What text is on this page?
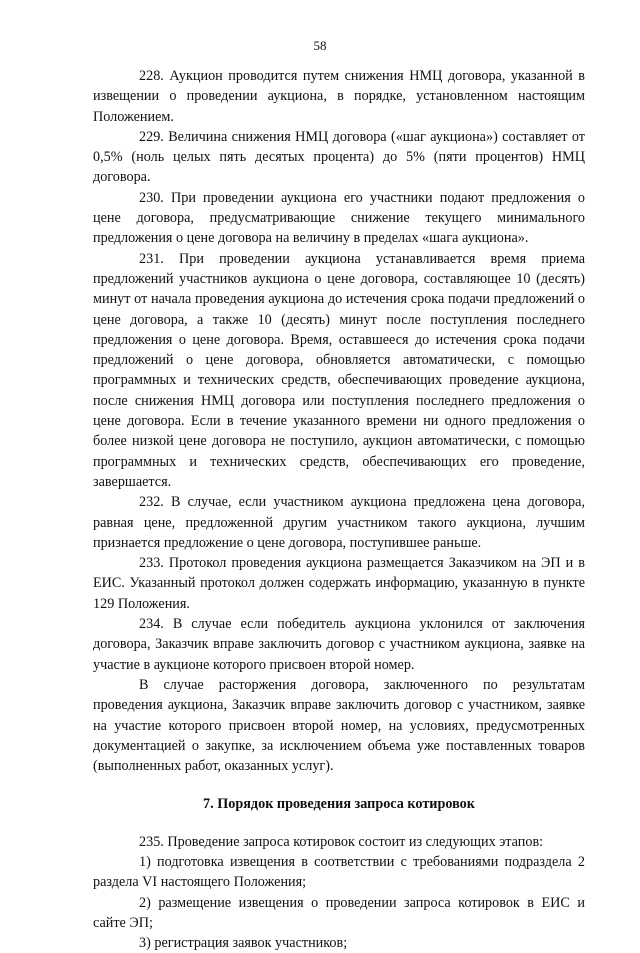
58

228. Аукцион проводится путем снижения НМЦ договора, указанной в извещении о проведении аукциона, в порядке, установленном настоящим Положением.

229. Величина снижения НМЦ договора («шаг аукциона») составляет от 0,5% (ноль целых пять десятых процента) до 5% (пяти процентов) НМЦ договора.

230. При проведении аукциона его участники подают предложения о цене договора, предусматривающие снижение текущего минимального предложения о цене договора на величину в пределах «шага аукциона».

231. При проведении аукциона устанавливается время приема предложений участников аукциона о цене договора, составляющее 10 (десять) минут от начала проведения аукциона до истечения срока подачи предложений о цене договора, а также 10 (десять) минут после поступления последнего предложения о цене договора. Время, оставшееся до истечения срока подачи предложений о цене договора, обновляется автоматически, с помощью программных и технических средств, обеспечивающих проведение аукциона, после снижения НМЦ договора или поступления последнего предложения о цене договора. Если в течение указанного времени ни одного предложения о более низкой цене договора не поступило, аукцион автоматически, с помощью программных и технических средств, обеспечивающих его проведение, завершается.

232. В случае, если участником аукциона предложена цена договора, равная цене, предложенной другим участником такого аукциона, лучшим признается предложение о цене договора, поступившее раньше.

233. Протокол проведения аукциона размещается Заказчиком на ЭП и в ЕИС. Указанный протокол должен содержать информацию, указанную в пункте 129 Положения.

234. В случае если победитель аукциона уклонился от заключения договора, Заказчик вправе заключить договор с участником аукциона, заявке на участие в аукционе которого присвоен второй номер.

В случае расторжения договора, заключенного по результатам проведения аукциона, Заказчик вправе заключить договор с участником, заявке на участие которого присвоен второй номер, на условиях, предусмотренных документацией о закупке, за исключением объема уже поставленных товаров (выполненных работ, оказанных услуг).

7. Порядок проведения запроса котировок

235. Проведение запроса котировок состоит из следующих этапов:

1) подготовка извещения в соответствии с требованиями подраздела 2 раздела VI настоящего Положения;

2) размещение извещения о проведении запроса котировок в ЕИС и сайте ЭП;

3) регистрация заявок участников;
